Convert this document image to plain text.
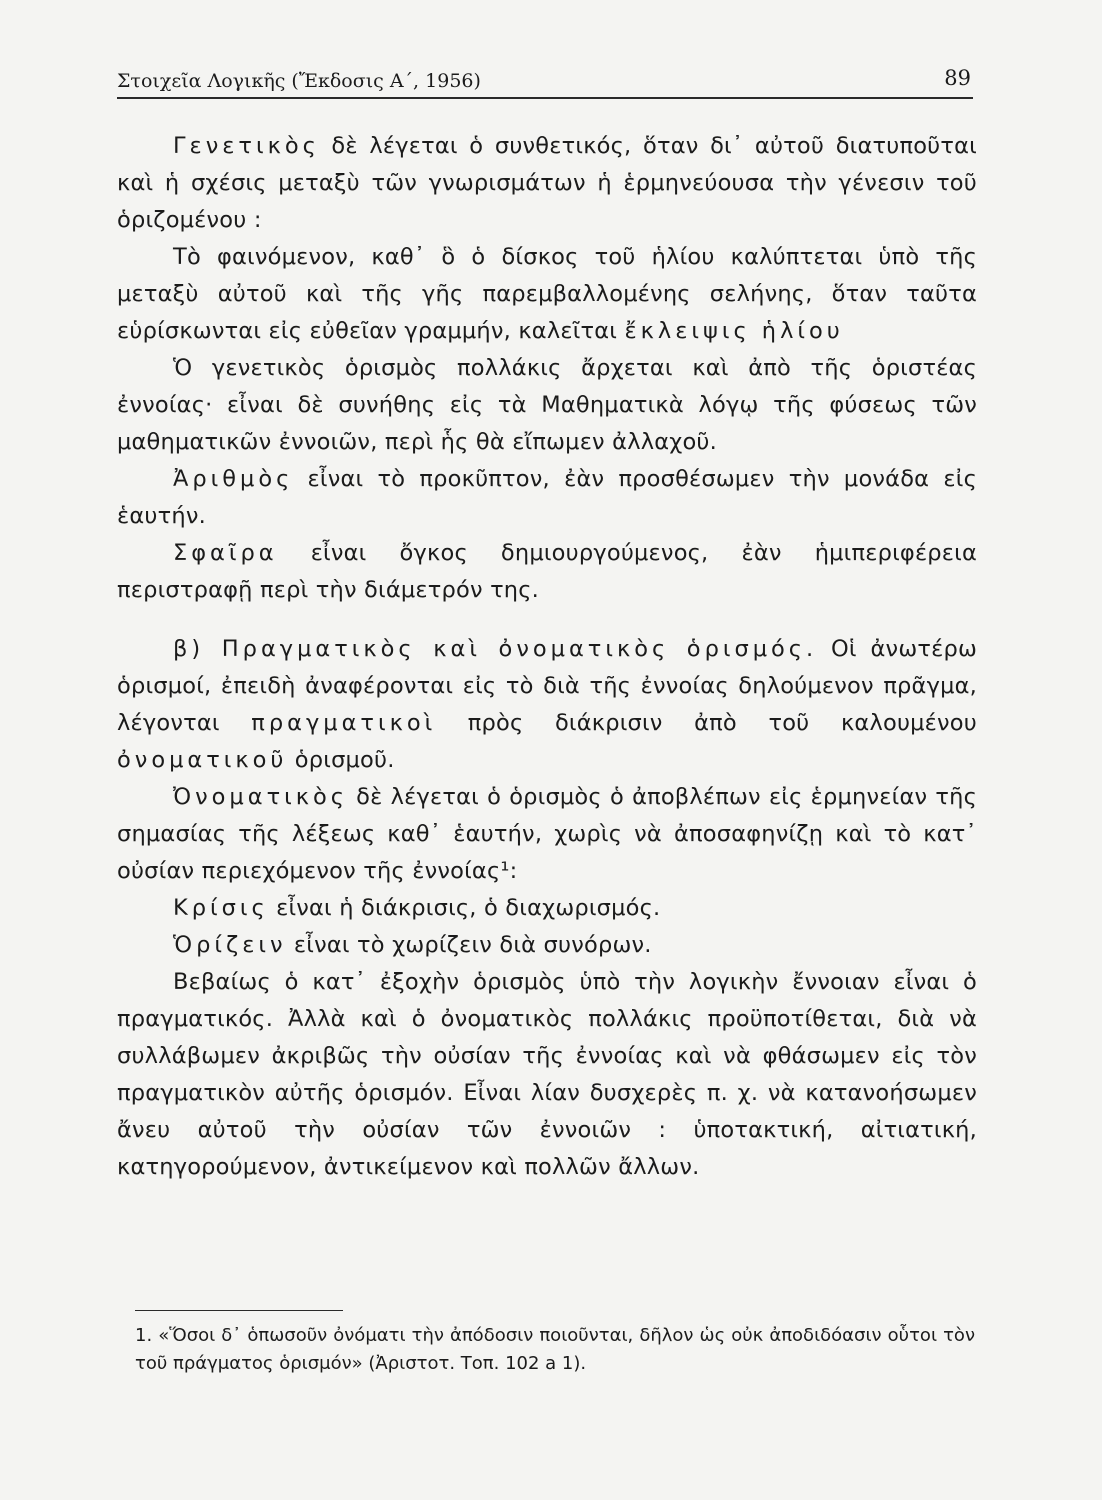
Στοιχεῖα Λογικῆς (Ἔκδοσις Α΄, 1956)	89

Γενετικὸς δὲ λέγεται ὁ συνθετικός, ὅταν δι᾽ αὐτοῦ διατυποῦται καὶ ἡ σχέσις μεταξὺ τῶν γνωρισμάτων ἡ ἑρμηνεύουσα τὴν γένεσιν τοῦ ὁριζομένου :

Τὸ φαινόμενον, καθ᾽ ὃ ὁ δίσκος τοῦ ἡλίου καλύπτεται ὑπὸ τῆς μεταξὺ αὐτοῦ καὶ τῆς γῆς παρεμβαλλομένης σελήνης, ὅταν ταῦτα εὑρίσκωνται εἰς εὐθεῖαν γραμμήν, καλεῖται ἔκλειψις ἡλίου

Ὁ γενετικὸς ὁρισμὸς πολλάκις ἄρχεται καὶ ἀπὸ τῆς ὁριστέας ἐννοίας· εἶναι δὲ συνήθης εἰς τὰ Μαθηματικὰ λόγῳ τῆς φύσεως τῶν μαθηματικῶν ἐννοιῶν, περὶ ἧς θὰ εἴπωμεν ἀλλαχοῦ.

Ἀριθμὸς εἶναι τὸ προκῦπτον, ἐὰν προσθέσωμεν τὴν μονάδα εἰς ἑαυτήν.

Σφαῖρα εἶναι ὄγκος δημιουργούμενος, ἐὰν ἡμιπεριφέρεια περιστραφῇ περὶ τὴν διάμετρόν της.

β) Πραγματικὸς καὶ ὀνοματικὸς ὁρισμός. Οἱ ἀνωτέρω ὁρισμοί, ἐπειδὴ ἀναφέρονται εἰς τὸ διὰ τῆς ἐννοίας δηλούμενον πρᾶγμα, λέγονται πραγματικοὶ πρὸς διάκρισιν ἀπὸ τοῦ καλουμένου ὀνοματικοῦ ὁρισμοῦ.

Ὀνοματικὸς δὲ λέγεται ὁ ὁρισμὸς ὁ ἀποβλέπων εἰς ἑρμηνείαν τῆς σημασίας τῆς λέξεως καθ᾽ ἑαυτήν, χωρὶς νὰ ἀποσαφηνίζῃ καὶ τὸ κατ᾽ οὐσίαν περιεχόμενον τῆς ἐννοίας¹:

Κρίσις εἶναι ἡ διάκρισις, ὁ διαχωρισμός.

Ὁρίζειν εἶναι τὸ χωρίζειν διὰ συνόρων.

Βεβαίως ὁ κατ᾽ ἐξοχὴν ὁρισμὸς ὑπὸ τὴν λογικὴν ἔννοιαν εἶναι ὁ πραγματικός. Ἀλλὰ καὶ ὁ ὀνοματικὸς πολλάκις προϋποτίθεται, διὰ νὰ συλλάβωμεν ἀκριβῶς τὴν οὐσίαν τῆς ἐννοίας καὶ νὰ φθάσωμεν εἰς τὸν πραγματικὸν αὐτῆς ὁρισμόν. Εἶναι λίαν δυσχερὲς π. χ. νὰ κατανοήσωμεν ἄνευ αὐτοῦ τὴν οὐσίαν τῶν ἐννοιῶν : ὑποτακτική, αἰτιατική, κατηγορούμενον, ἀντικείμενον καὶ πολλῶν ἄλλων.

1. «Ὅσοι δ᾽ ὁπωσοῦν ὀνόματι τὴν ἀπόδοσιν ποιοῦνται, δῆλον ὡς οὐκ ἀποδιδόασιν οὗτοι τὸν τοῦ πράγματος ὁρισμόν» (Ἀριστοτ. Τοπ. 102 a 1).
